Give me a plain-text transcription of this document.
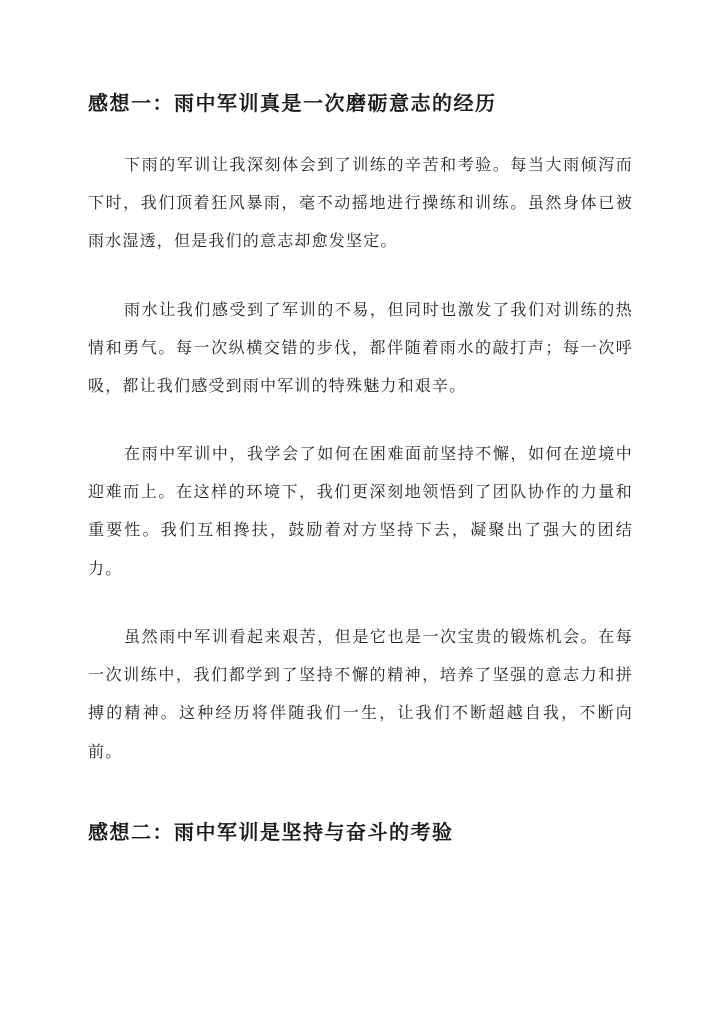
感想一：雨中军训真是一次磨砺意志的经历

下雨的军训让我深刻体会到了训练的辛苦和考验。每当大雨倾泻而下时，我们顶着狂风暴雨，毫不动摇地进行操练和训练。虽然身体已被雨水湿透，但是我们的意志却愈发坚定。

雨水让我们感受到了军训的不易，但同时也激发了我们对训练的热情和勇气。每一次纵横交错的步伐，都伴随着雨水的敲打声；每一次呼吸，都让我们感受到雨中军训的特殊魅力和艰辛。

在雨中军训中，我学会了如何在困难面前坚持不懈，如何在逆境中迎难而上。在这样的环境下，我们更深刻地领悟到了团队协作的力量和重要性。我们互相搀扶，鼓励着对方坚持下去，凝聚出了强大的团结力。

虽然雨中军训看起来艰苦，但是它也是一次宝贵的锻炼机会。在每一次训练中，我们都学到了坚持不懈的精神，培养了坚强的意志力和拼搏的精神。这种经历将伴随我们一生，让我们不断超越自我，不断向前。

感想二：雨中军训是坚持与奋斗的考验
